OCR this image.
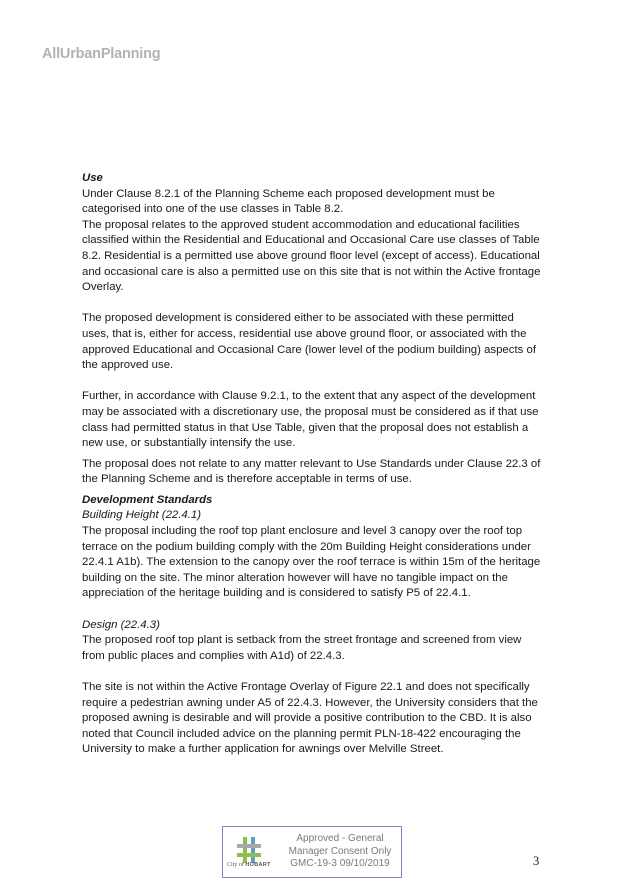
AllUrbanPlanning

Use

Under Clause 8.2.1 of the Planning Scheme each proposed development must be categorised into one of the use classes in Table 8.2.

The proposal relates to the approved student accommodation and educational facilities classified within the Residential and Educational and Occasional Care use classes of Table 8.2. Residential is a permitted use above ground floor level (except of access). Educational and occasional care is also a permitted use on this site that is not within the Active frontage Overlay.

The proposed development is considered either to be associated with these permitted uses, that is, either for access, residential use above ground floor, or associated with the approved Educational and Occasional Care (lower level of the podium building) aspects of the approved use.

Further, in accordance with Clause 9.2.1, to the extent that any aspect of the development may be associated with a discretionary use, the proposal must be considered as if that use class had permitted status in that Use Table, given that the proposal does not establish a new use, or substantially intensify the use.

The proposal does not relate to any matter relevant to Use Standards under Clause 22.3 of the Planning Scheme and is therefore acceptable in terms of use.

Development Standards

Building Height (22.4.1)

The proposal including the roof top plant enclosure and level 3 canopy over the roof top terrace on the podium building comply with the 20m Building Height considerations under 22.4.1 A1b). The extension to the canopy over the roof terrace is within 15m of the heritage building on the site. The minor alteration however will have no tangible impact on the appreciation of the heritage building and is considered to satisfy P5 of 22.4.1.

Design (22.4.3)

The proposed roof top plant is setback from the street frontage and screened from view from public places and complies with A1d) of 22.4.3.

The site is not within the Active Frontage Overlay of Figure 22.1 and does not specifically require a pedestrian awning under A5 of 22.4.3. However, the University considers that the proposed awning is desirable and will provide a positive contribution to the CBD. It is also noted that Council included advice on the planning permit PLN-18-422 encouraging the University to make a further application for awnings over Melville Street.

City of HOBART
Approved - General
Manager Consent Only
GMC-19-3 09/10/2019	3
